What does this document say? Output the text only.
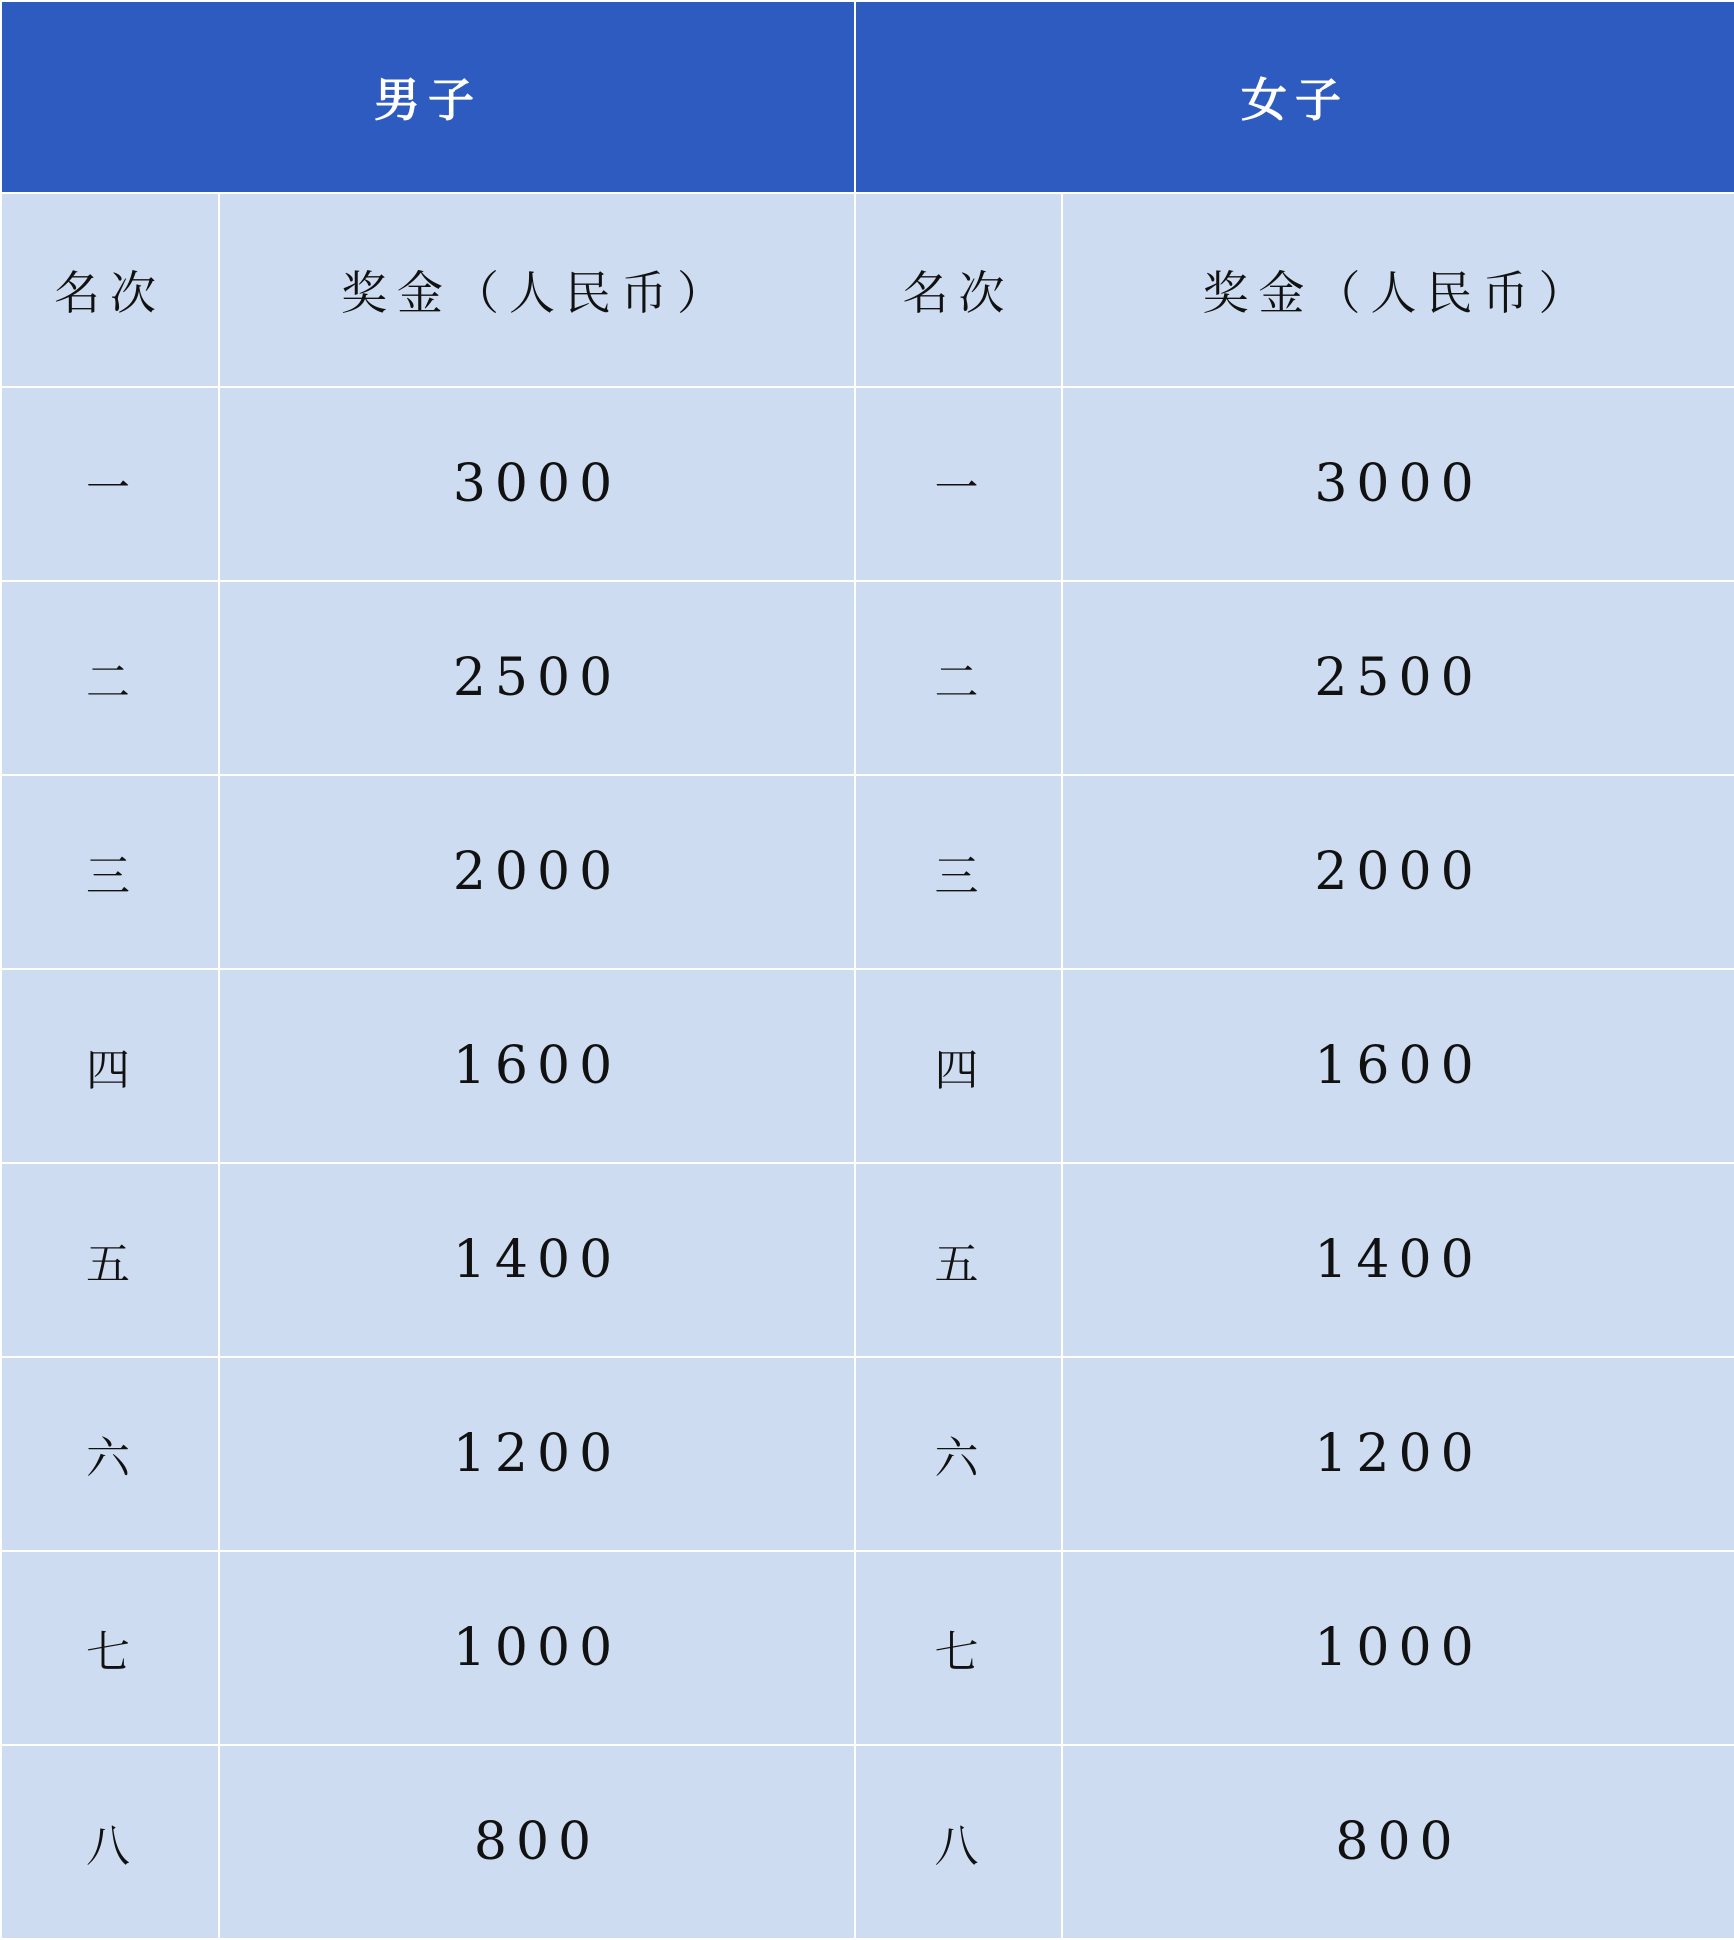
男子		女子	
名次	奖金（人民币）	名次	奖金（人民币）
一	3000	一	3000
二	2500	二	2500
三	2000	三	2000
四	1600	四	1600
五	1400	五	1400
六	1200	六	1200
七	1000	七	1000
八	800	八	800
